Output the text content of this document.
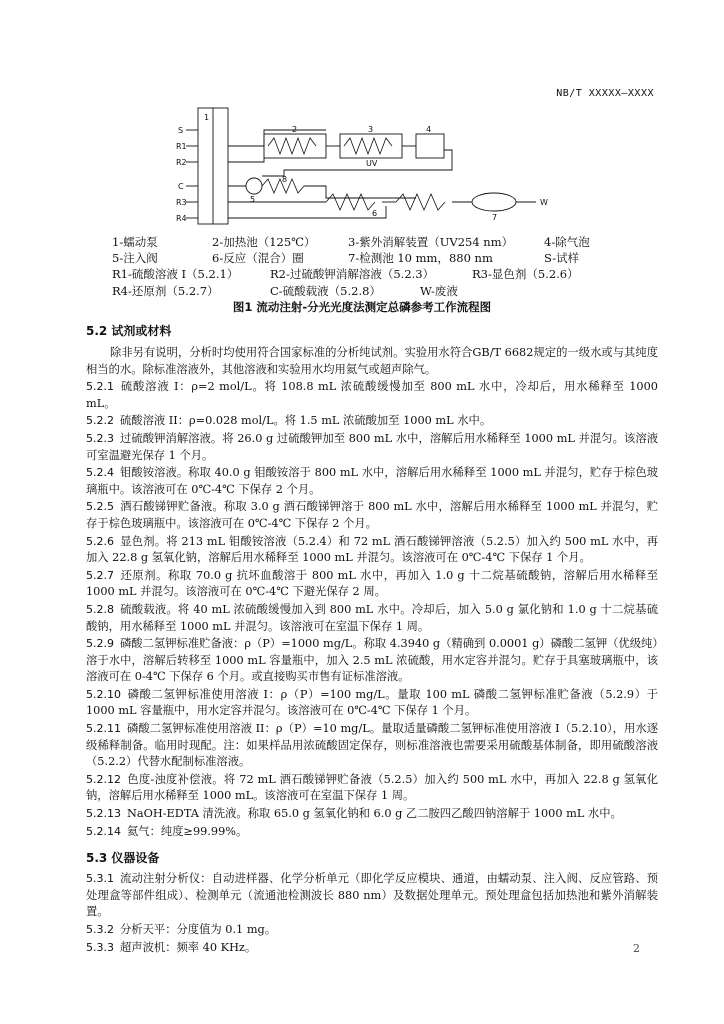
NB/T XXXXX—XXXX
S
R1
R2
C
R3
R4
1
2	3	4
5
6	7
8
UV
W
1-蠕动泵	2-加热池（125℃）	3-紫外消解装置（UV254 nm）	4-除气泡
5-注入阀	6-反应（混合）圈	7-检测池 10 mm，880 nm	S-试样
R1-硫酸溶液 I（5.2.1）	R2-过硫酸钾消解溶液（5.2.3）	R3-显色剂（5.2.6）
R4-还原剂（5.2.7）	C-硫酸载液（5.2.8）	W-废液
图1 流动注射-分光光度法测定总磷参考工作流程图
5.2 试剂或材料
除非另有说明，分析时均使用符合国家标准的分析纯试剂。实验用水符合GB/T 6682规定的一级水或与其纯度相当的水。除标准溶液外，其他溶液和实验用水均用氦气或超声除气。
5.2.1 硫酸溶液 I：ρ=2 mol/L。将 108.8 mL 浓硫酸缓慢加至 800 mL 水中，冷却后，用水稀释至 1000 mL。
5.2.2 硫酸溶液 II：ρ=0.028 mol/L。将 1.5 mL 浓硫酸加至 1000 mL 水中。
5.2.3 过硫酸钾消解溶液。将 26.0 g 过硫酸钾加至 800 mL 水中，溶解后用水稀释至 1000 mL 并混匀。该溶液可室温避光保存 1 个月。
5.2.4 钼酸铵溶液。称取 40.0 g 钼酸铵溶于 800 mL 水中，溶解后用水稀释至 1000 mL 并混匀，贮存于棕色玻璃瓶中。该溶液可在 0℃-4℃ 下保存 2 个月。
5.2.5 酒石酸锑钾贮备液。称取 3.0 g 酒石酸锑钾溶于 800 mL 水中，溶解后用水稀释至 1000 mL 并混匀，贮存于棕色玻璃瓶中。该溶液可在 0℃-4℃ 下保存 2 个月。
5.2.6 显色剂。将 213 mL 钼酸铵溶液（5.2.4）和 72 mL 酒石酸锑钾溶液（5.2.5）加入约 500 mL 水中，再加入 22.8 g 氢氧化钠，溶解后用水稀释至 1000 mL 并混匀。该溶液可在 0℃-4℃ 下保存 1 个月。
5.2.7 还原剂。称取 70.0 g 抗坏血酸溶于 800 mL 水中，再加入 1.0 g 十二烷基硫酸钠，溶解后用水稀释至 1000 mL 并混匀。该溶液可在 0℃-4℃ 下避光保存 2 周。
5.2.8 硫酸载液。将 40 mL 浓硫酸缓慢加入到 800 mL 水中。冷却后，加入 5.0 g 氯化钠和 1.0 g 十二烷基硫酸钠，用水稀释至 1000 mL 并混匀。该溶液可在室温下保存 1 周。
5.2.9 磷酸二氢钾标准贮备液：ρ（P）=1000 mg/L。称取 4.3940 g（精确到 0.0001 g）磷酸二氢钾（优级纯）溶于水中，溶解后转移至 1000 mL 容量瓶中，加入 2.5 mL 浓硫酸，用水定容并混匀。贮存于具塞玻璃瓶中，该溶液可在 0-4℃ 下保存 6 个月。或直接购买市售有证标准溶液。
5.2.10 磷酸二氢钾标准使用溶液 I：ρ（P）=100 mg/L。量取 100 mL 磷酸二氢钾标准贮备液（5.2.9）于 1000 mL 容量瓶中，用水定容并混匀。该溶液可在 0℃-4℃ 下保存 1 个月。
5.2.11 磷酸二氢钾标准使用溶液 II：ρ（P）=10 mg/L。量取适量磷酸二氢钾标准使用溶液 I（5.2.10），用水逐级稀释制备。临用时现配。注：如果样品用浓硫酸固定保存，则标准溶液也需要采用硫酸基体制备，即用硫酸溶液（5.2.2）代替水配制标准溶液。
5.2.12 色度-浊度补偿液。将 72 mL 酒石酸锑钾贮备液（5.2.5）加入约 500 mL 水中，再加入 22.8 g 氢氧化钠，溶解后用水稀释至 1000 mL。该溶液可在室温下保存 1 周。
5.2.13 NaOH-EDTA 清洗液。称取 65.0 g 氢氧化钠和 6.0 g 乙二胺四乙酸四钠溶解于 1000 mL 水中。
5.2.14 氦气：纯度≥99.99%。
5.3 仪器设备
5.3.1 流动注射分析仪：自动进样器、化学分析单元（即化学反应模块、通道，由蠕动泵、注入阀、反应管路、预处理盒等部件组成）、检测单元（流通池检测波长 880 nm）及数据处理单元。预处理盒包括加热池和紫外消解装置。
5.3.2 分析天平：分度值为 0.1 mg。
5.3.3 超声波机：频率 40 KHz。	2
